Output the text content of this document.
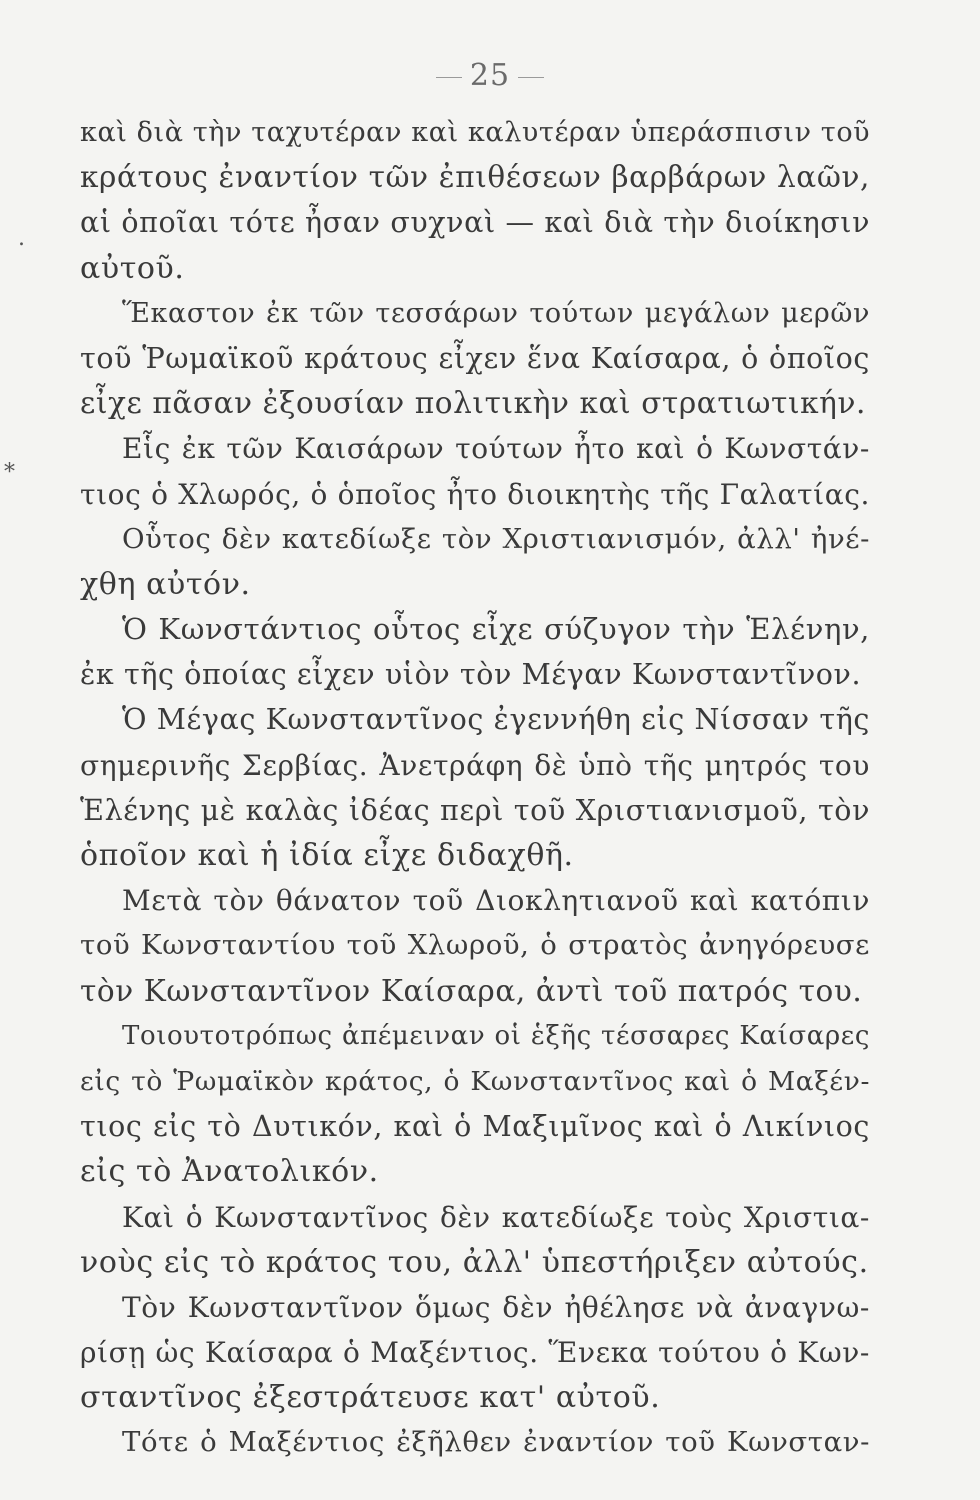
25
.
*
καὶ διὰ τὴν ταχυτέραν καὶ καλυτέραν ὑπεράσπισιν τοῦ
κράτους ἐναντίον τῶν ἐπιθέσεων βαρβάρων λαῶν,
αἱ ὁποῖαι τότε ἦσαν συχναὶ — καὶ διὰ τὴν διοίκησιν
αὐτοῦ.
Ἕκαστον ἐκ τῶν τεσσάρων τούτων μεγάλων μερῶν
τοῦ Ῥωμαϊκοῦ κράτους εἶχεν ἕνα Καίσαρα, ὁ ὁποῖος
εἶχε πᾶσαν ἐξουσίαν πολιτικὴν καὶ στρατιωτικήν.
Εἷς ἐκ τῶν Καισάρων τούτων ἦτο καὶ ὁ Κωνστάν-
τιος ὁ Χλωρός, ὁ ὁποῖος ἦτο διοικητὴς τῆς Γαλατίας.
Οὗτος δὲν κατεδίωξε τὸν Χριστιανισμόν, ἀλλ' ἠνέ-
χθη αὐτόν.
Ὁ Κωνστάντιος οὗτος εἶχε σύζυγον τὴν Ἑλένην,
ἐκ τῆς ὁποίας εἶχεν υἱὸν τὸν Μέγαν Κωνσταντῖνον.
Ὁ Μέγας Κωνσταντῖνος ἐγεννήθη εἰς Νίσσαν τῆς
σημερινῆς Σερβίας. Ἀνετράφη δὲ ὑπὸ τῆς μητρός του
Ἑλένης μὲ καλὰς ἰδέας περὶ τοῦ Χριστιανισμοῦ, τὸν
ὁποῖον καὶ ἡ ἰδία εἶχε διδαχθῆ.
Μετὰ τὸν θάνατον τοῦ Διοκλητιανοῦ καὶ κατόπιν
τοῦ Κωνσταντίου τοῦ Χλωροῦ, ὁ στρατὸς ἀνηγόρευσε
τὸν Κωνσταντῖνον Καίσαρα, ἀντὶ τοῦ πατρός του.
Τοιουτοτρόπως ἀπέμειναν οἱ ἑξῆς τέσσαρες Καίσαρες
εἰς τὸ Ῥωμαϊκὸν κράτος, ὁ Κωνσταντῖνος καὶ ὁ Μαξέν-
τιος εἰς τὸ Δυτικόν, καὶ ὁ Μαξιμῖνος καὶ ὁ Λικίνιος
εἰς τὸ Ἀνατολικόν.
Καὶ ὁ Κωνσταντῖνος δὲν κατεδίωξε τοὺς Χριστια-
νοὺς εἰς τὸ κράτος του, ἀλλ' ὑπεστήριξεν αὐτούς.
Τὸν Κωνσταντῖνον ὅμως δὲν ἠθέλησε νὰ ἀναγνω-
ρίσῃ ὡς Καίσαρα ὁ Μαξέντιος. Ἕνεκα τούτου ὁ Κων-
σταντῖνος ἐξεστράτευσε κατ' αὐτοῦ.
Τότε ὁ Μαξέντιος ἐξῆλθεν ἐναντίον τοῦ Κωνσταν-
